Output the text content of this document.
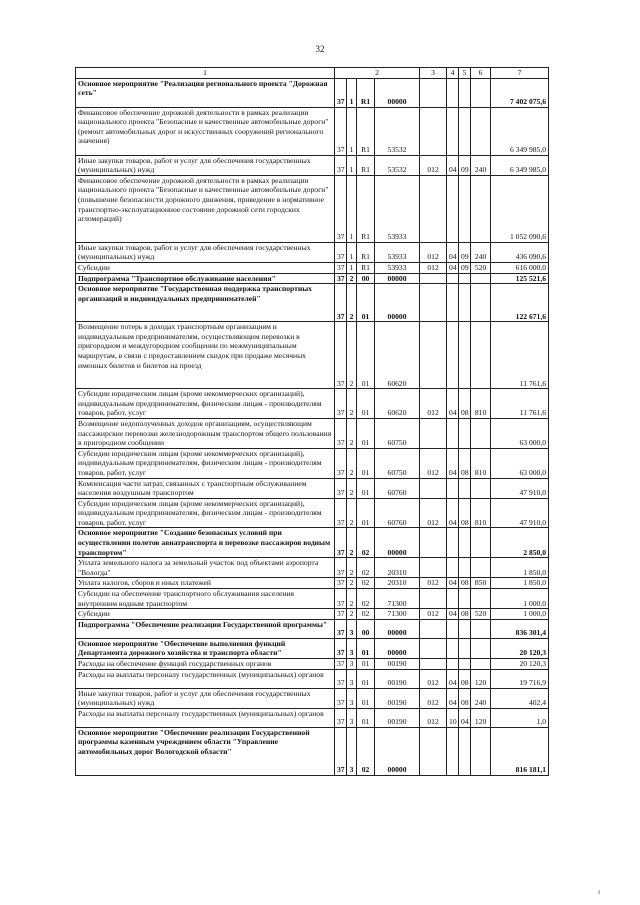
32
1	2				3	4	5	6	7
Основное мероприятие "Реализация регионального проекта "Дорожная сеть"	37	1	R1	00000					7 402 075,6
Финансовое обеспечение дорожной деятельности в рамках реализации национального проекта "Безопасные и качественные автомобильные дороги" (ремонт автомобильных дорог и искусственных сооружений регионального значения)	37	1	R1	53532					6 349 985,0
Иные закупки товаров, работ и услуг для обеспечения государственных (муниципальных) нужд	37	1	R1	53532	012	04	09	240	6 349 985,0
Финансовое обеспечение дорожной деятельности в рамках реализации национального проекта "Безопасные и качественные автомобильные дороги" (повышение безопасности дорожного движения, приведение в нормативное транспортно-эксплуатационное состояние дорожной сети городских агломераций)	37	1	R1	53933					1 052 090,6
Иные закупки товаров, работ и услуг для обеспечения государственных (муниципальных) нужд	37	1	R1	53933	012	04	09	240	436 090,6
Субсидии	37	1	R1	53933	012	04	09	520	616 000,0
Подпрограмма "Транспортное обслуживание населения"	37	2	00	00000					125 521,6
Основное мероприятие "Государственная поддержка транспортных организаций и индивидуальных предпринимателей"	37	2	01	00000					122 671,6
Возмещение потерь в доходах транспортным организациям и индивидуальным предпринимателям, осуществляющим перевозки в пригородном и междугородном сообщении по межмуниципальным маршрутам, в связи с предоставлением скидок при продаже месячных именных билетов и билетов на проезд	37	2	01	60620					11 761,6
Субсидии юридическим лицам (кроме некоммерческих организаций), индивидуальным предпринимателям, физическим лицам - производителям товаров, работ, услуг	37	2	01	60620	012	04	08	810	11 761,6
Возмещение недополученных доходов организациям, осуществляющим пассажирские перевозки железнодорожным транспортом общего пользования в пригородном сообщении	37	2	01	60750					63 000,0
Субсидии юридическим лицам (кроме некоммерческих организаций), индивидуальным предпринимателям, физическим лицам - производителям товаров, работ, услуг	37	2	01	60750	012	04	08	810	63 000,0
Компенсация части затрат, связанных с транспортным обслуживанием населения воздушным транспортом	37	2	01	60760					47 910,0
Субсидии юридическим лицам (кроме некоммерческих организаций), индивидуальным предпринимателям, физическим лицам - производителям товаров, работ, услуг	37	2	01	60760	012	04	08	810	47 910,0
Основное мероприятие "Создание безопасных условий при осуществлении полетов авиатранспорта и перевозке пассажиров водным транспортом"	37	2	02	00000					2 850,0
Уплата земельного налога за земельный участок под объектами аэропорта "Вологда"	37	2	02	20310					1 850,0
Уплата налогов, сборов и иных платежей	37	2	02	20310	012	04	08	850	1 850,0
Субсидии на обеспечение транспортного обслуживания населения внутренним водным транспортом	37	2	02	71300					1 000,0
Субсидии	37	2	02	71300	012	04	08	520	1 000,0
Подпрограмма "Обеспечение реализации Государственной программы"	37	3	00	00000					836 301,4
Основное мероприятие "Обеспечение выполнения функций Департамента дорожного хозяйства и транспорта области"	37	3	01	00000					20 120,3
Расходы на обеспечение функций государственных органов	37	3	01	00190					20 120,3
Расходы на выплаты персоналу государственных (муниципальных) органов	37	3	01	00190	012	04	08	120	19 716,9
Иные закупки товаров, работ и услуг для обеспечения государственных (муниципальных) нужд	37	3	01	00190	012	04	08	240	402,4
Расходы на выплаты персоналу государственных (муниципальных) органов	37	3	01	00190	012	10	04	120	1,0
Основное мероприятие "Обеспечение реализации Государственной программы казенным учреждением области "Управление автомобильных дорог Вологодской области"	37	3	02	00000					816 181,1
ı
